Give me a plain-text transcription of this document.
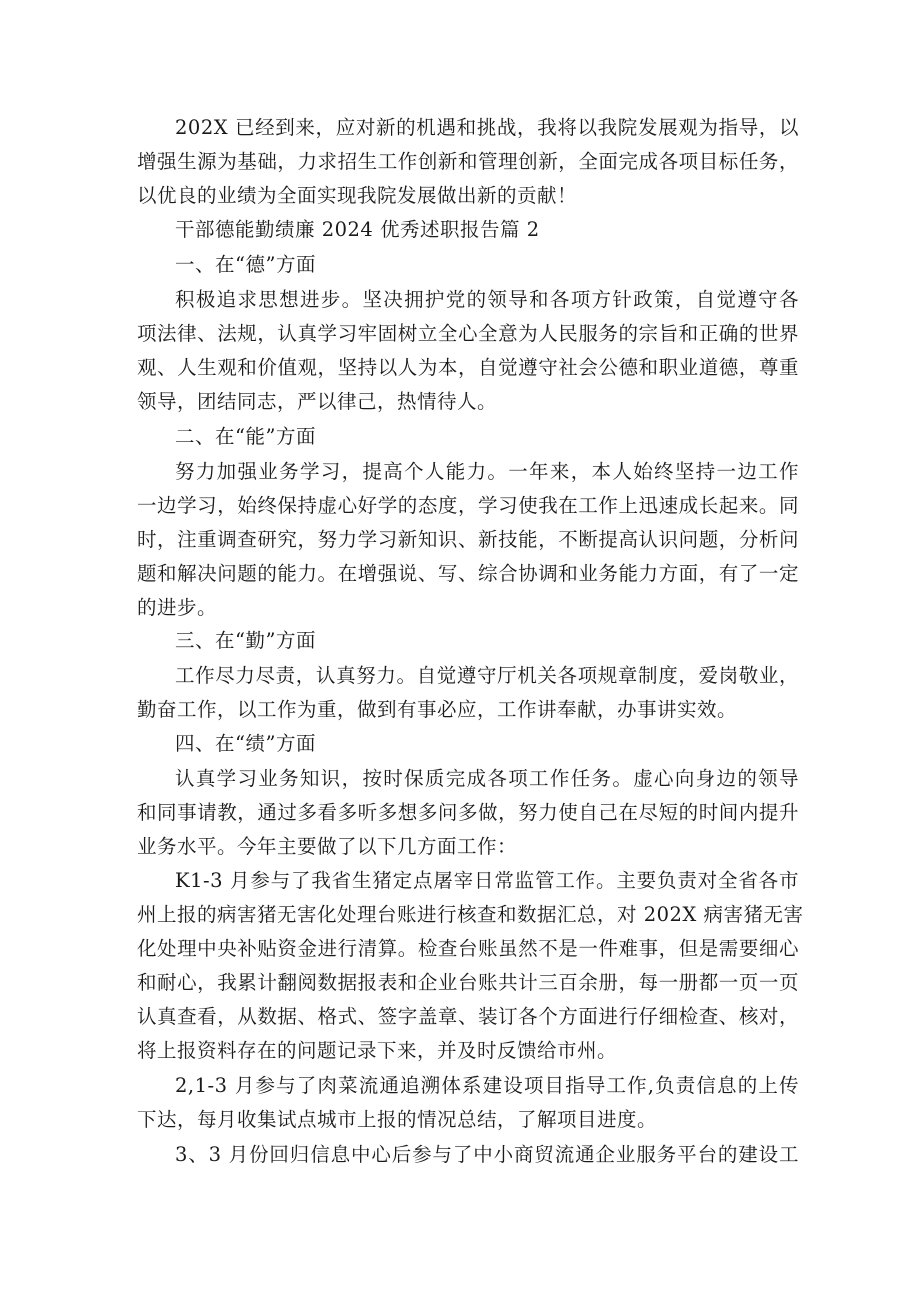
202X 已经到来，应对新的机遇和挑战，我将以我院发展观为指导，以
增强生源为基础，力求招生工作创新和管理创新，全面完成各项目标任务，
以优良的业绩为全面实现我院发展做出新的贡献！
干部德能勤绩廉 2024 优秀述职报告篇 2
一、在“德”方面
积极追求思想进步。坚决拥护党的领导和各项方针政策，自觉遵守各
项法律、法规，认真学习牢固树立全心全意为人民服务的宗旨和正确的世界
观、人生观和价值观，坚持以人为本，自觉遵守社会公德和职业道德，尊重
领导，团结同志，严以律己，热情待人。
二、在“能”方面
努力加强业务学习，提高个人能力。一年来，本人始终坚持一边工作
一边学习，始终保持虚心好学的态度，学习使我在工作上迅速成长起来。同
时，注重调查研究，努力学习新知识、新技能，不断提高认识问题，分析问
题和解决问题的能力。在增强说、写、综合协调和业务能力方面，有了一定
的进步。
三、在“勤”方面
工作尽力尽责，认真努力。自觉遵守厅机关各项规章制度，爱岗敬业，
勤奋工作，以工作为重，做到有事必应，工作讲奉献，办事讲实效。
四、在“绩”方面
认真学习业务知识，按时保质完成各项工作任务。虚心向身边的领导
和同事请教，通过多看多听多想多问多做，努力使自己在尽短的时间内提升
业务水平。今年主要做了以下几方面工作：
K1-3 月参与了我省生猪定点屠宰日常监管工作。主要负责对全省各市
州上报的病害猪无害化处理台账进行核查和数据汇总，对 202X 病害猪无害
化处理中央补贴资金进行清算。检查台账虽然不是一件难事，但是需要细心
和耐心，我累计翻阅数据报表和企业台账共计三百余册，每一册都一页一页
认真查看，从数据、格式、签字盖章、装订各个方面进行仔细检查、核对，
将上报资料存在的问题记录下来，并及时反馈给市州。
2,1-3 月参与了肉菜流通追溯体系建设项目指导工作,负责信息的上传
下达，每月收集试点城市上报的情况总结，了解项目进度。
3、3 月份回归信息中心后参与了中小商贸流通企业服务平台的建设工
